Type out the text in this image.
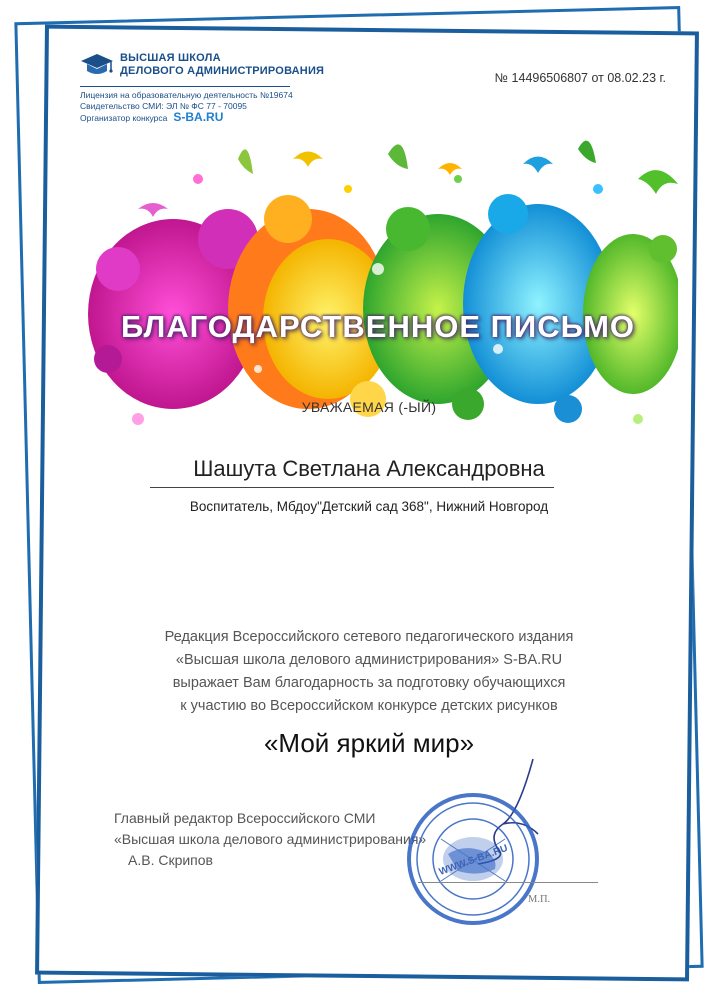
ВЫСШАЯ ШКОЛА
ДЕЛОВОГО АДМИНИСТРИРОВАНИЯ
Лицензия на образовательную деятельность №19674
Свидетельство СМИ: ЭЛ № ФС 77 - 70095
Организатор конкурса S-BA.RU
№ 14496506807 от 08.02.23 г.
БЛАГОДАРСТВЕННОЕ ПИСЬМО
УВАЖАЕМАЯ (-ЫЙ)
Шашута Светлана Александровна
Воспитатель, Мбдоу"Детский сад 368", Нижний Новгород
Редакция Всероссийского сетевого педагогического издания
«Высшая школа делового администрирования» S-BA.RU
выражает Вам благодарность за подготовку обучающихся
к участию во Всероссийском конкурсе детских рисунков
«Мой яркий мир»
Главный редактор Всероссийского СМИ
«Высшая школа делового администрирования»
А.В. Скрипов	WWW.S-BA.RU
М.П.
